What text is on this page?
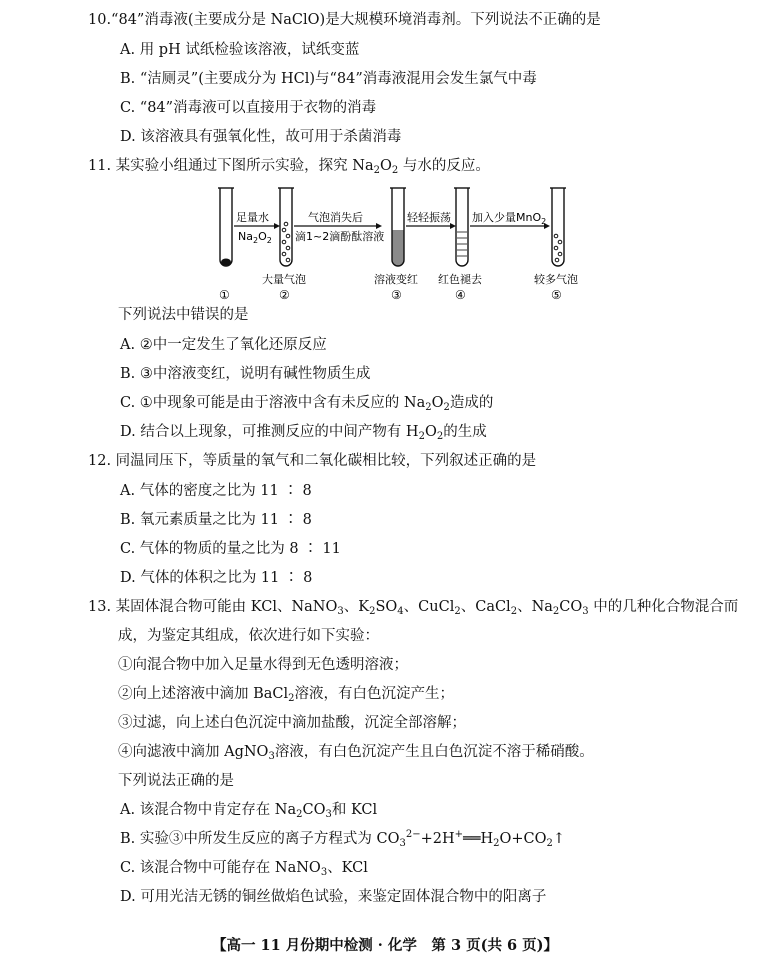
10.“84”消毒液(主要成分是 NaClO)是大规模环境消毒剂。下列说法不正确的是
A. 用 pH 试纸检验该溶液，试纸变蓝
B. “洁厕灵”(主要成分为 HCl)与“84”消毒液混用会发生氯气中毒
C. “84”消毒液可以直接用于衣物的消毒
D. 该溶液具有强氧化性，故可用于杀菌消毒
11. 某实验小组通过下图所示实验，探究 $Na_2O_2$ 与水的反应。
足量水
$Na_2O_2$
气泡消失后
滴1~2滴酚酞溶液
轻轻振荡 加入少量MnO$_2$
大量气泡	溶液变红 红色褪去	较多气泡
①	②	③	④	⑤
下列说法中错误的是
A. ②中一定发生了氧化还原反应
B. ③中溶液变红，说明有碱性物质生成
C. ①中现象可能是由于溶液中含有未反应的 $Na_2O_2$造成的
D. 结合以上现象，可推测反应的中间产物有 $H_2O_2$的生成
12. 同温同压下，等质量的氧气和二氧化碳相比较，下列叙述正确的是
A. 气体的密度之比为 11 ∶ 8
B. 氧元素质量之比为 11 ∶ 8
C. 气体的物质的量之比为 8 ∶ 11
D. 气体的体积之比为 11 ∶ 8
13. 某固体混合物可能由 KCl、NaNO$_3$、$K_2SO_4$、CuCl$_2$、CaCl$_2$、$Na_2CO_3$ 中的几种化合物混合而
成，为鉴定其组成，依次进行如下实验：
①向混合物中加入足量水得到无色透明溶液；
②向上述溶液中滴加 BaCl$_2$溶液，有白色沉淀产生；
③过滤，向上述白色沉淀中滴加盐酸，沉淀全部溶解；
④向滤液中滴加 AgNO$_3$溶液，有白色沉淀产生且白色沉淀不溶于稀硝酸。
下列说法正确的是
A. 该混合物中肯定存在 $Na_2CO_3$和 KCl
B. 实验③中所发生反应的离子方程式为 $CO_3^{2-}+2H^+══H_2O+CO_2↑$
C. 该混合物中可能存在 NaNO$_3$、KCl
D. 可用光洁无锈的铜丝做焰色试验，来鉴定固体混合物中的阳离子
【高一 11 月份期中检测 · 化学　第 3 页(共 6 页)】
